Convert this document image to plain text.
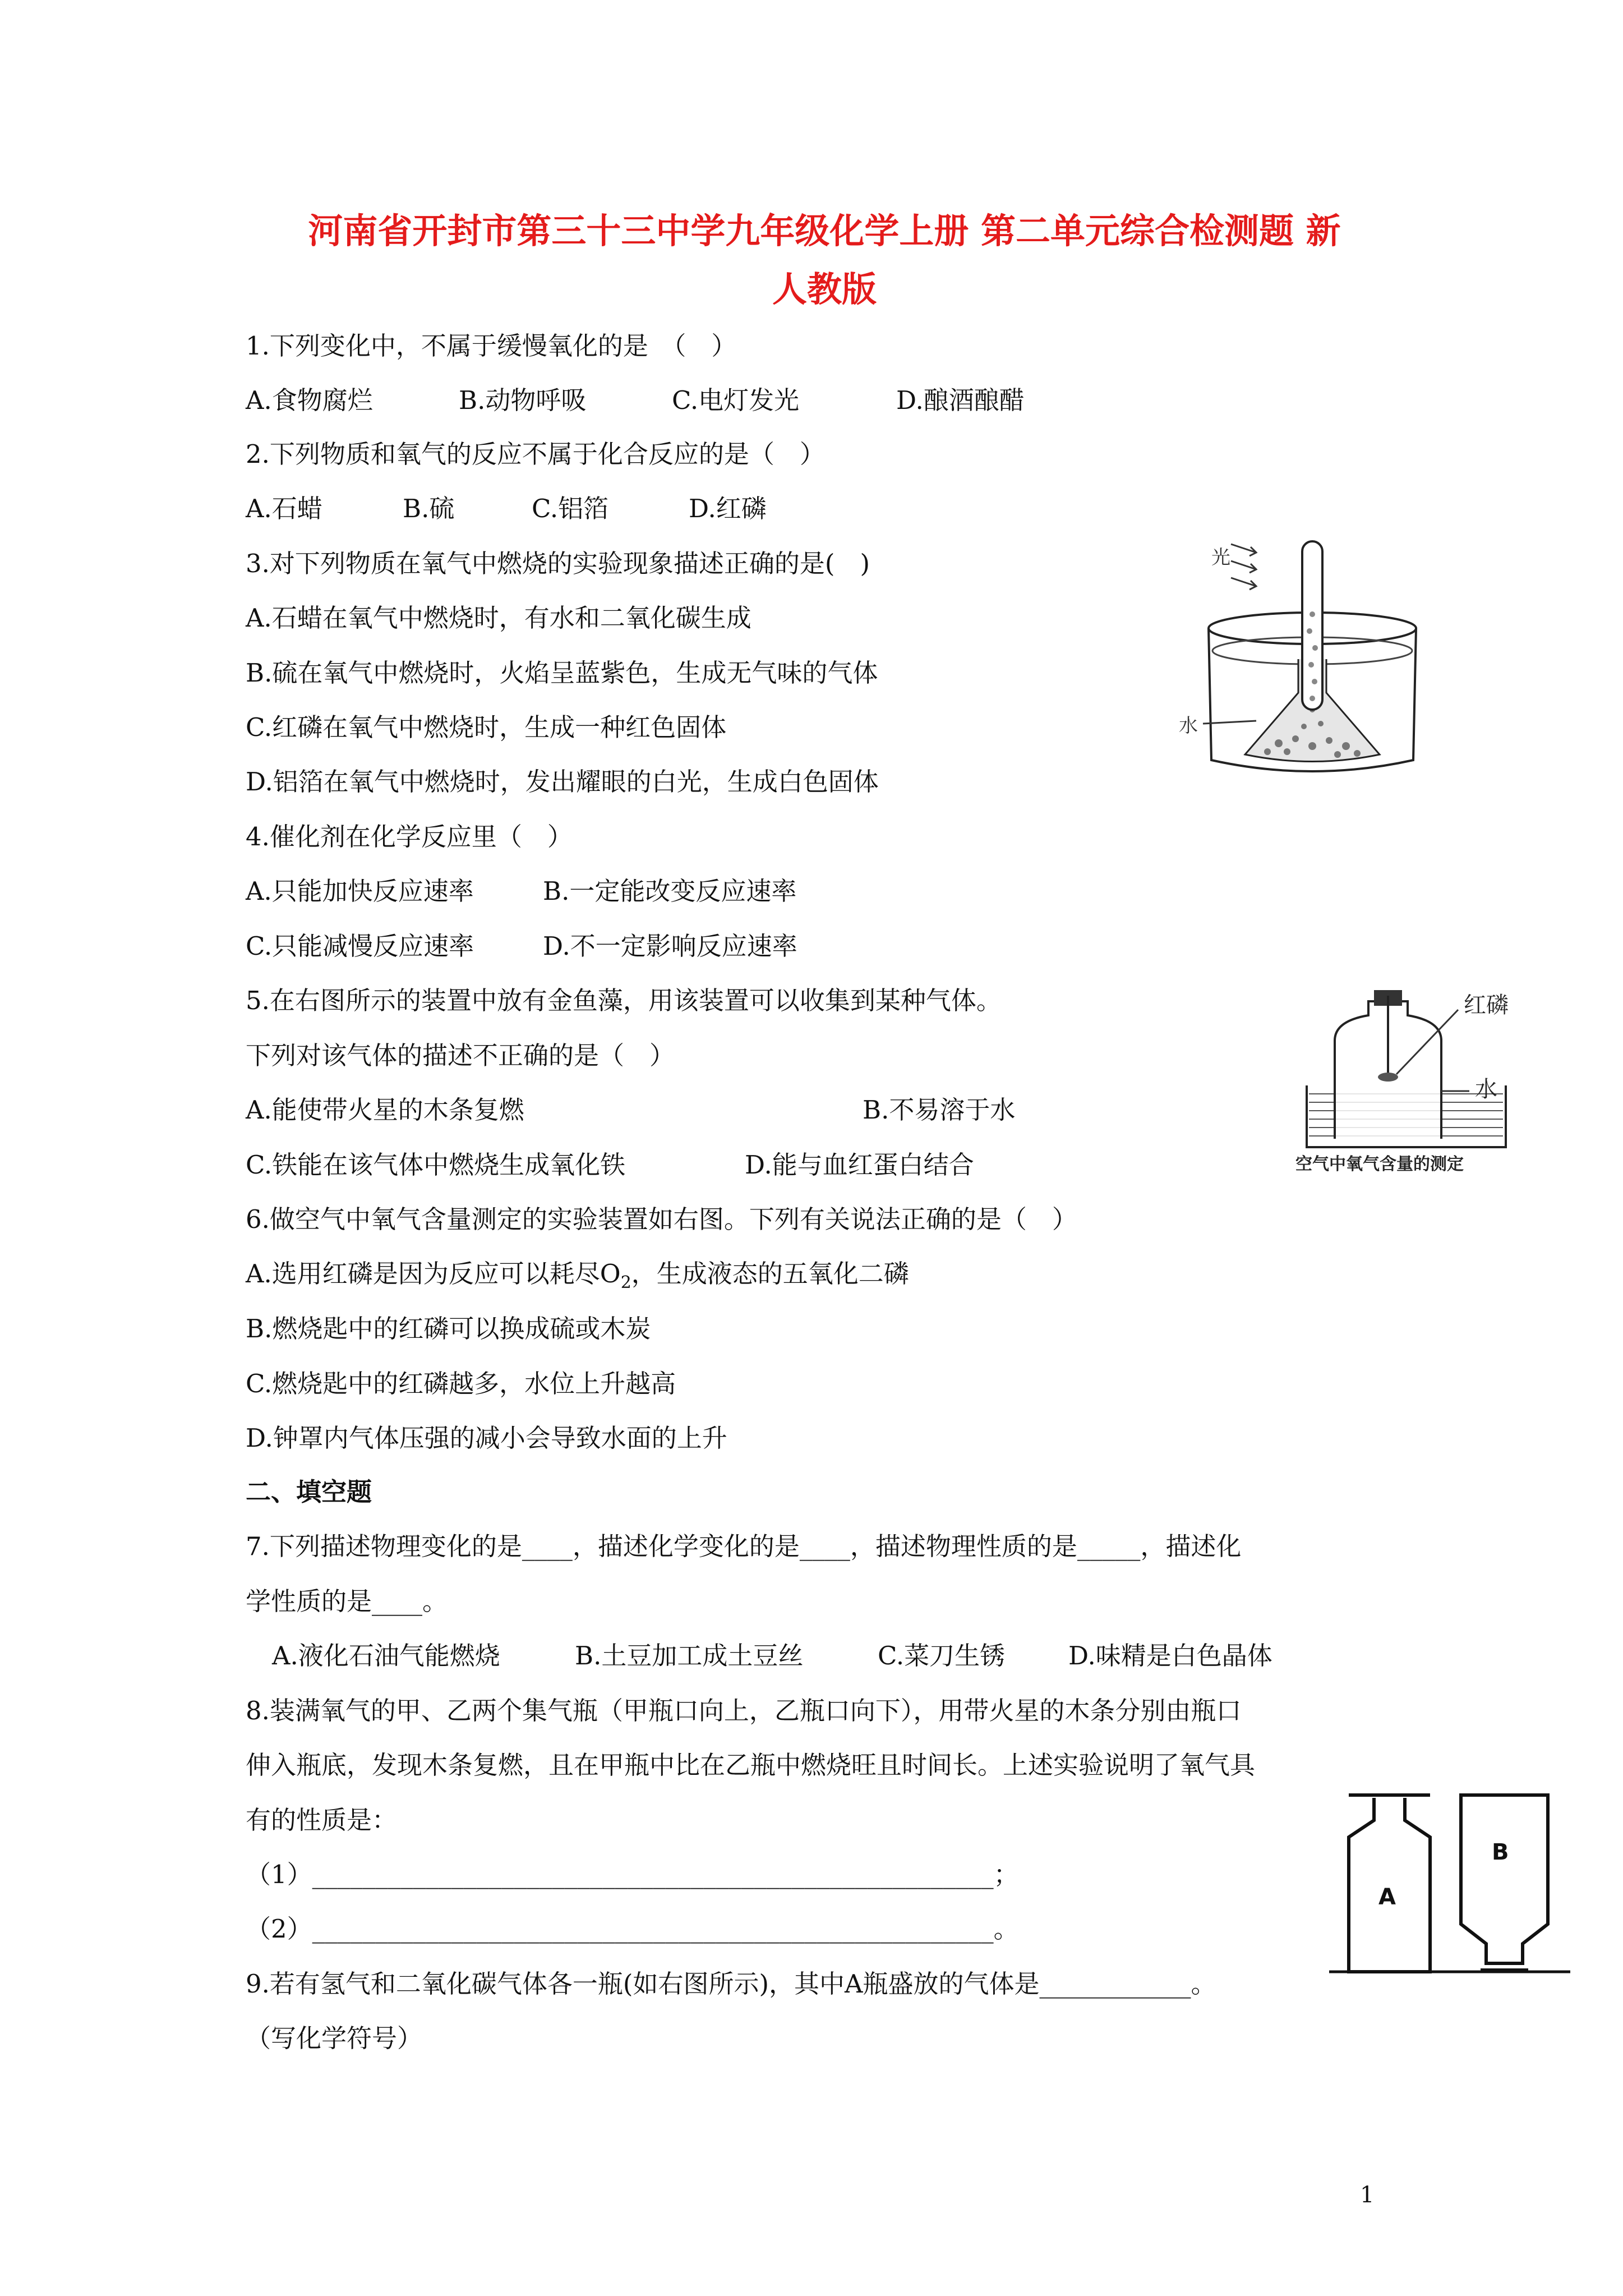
河南省开封市第三十三中学九年级化学上册 第二单元综合检测题 新
人教版
1.下列变化中，不属于缓慢氧化的是　（　）
A.食物腐烂	B.动物呼吸	C.电灯发光	D.酿酒酿醋
2.下列物质和氧气的反应不属于化合反应的是（　）
A.石蜡	B.硫	C.铝箔	D.红磷
3.对下列物质在氧气中燃烧的实验现象描述正确的是(　)
A.石蜡在氧气中燃烧时，有水和二氧化碳生成
B.硫在氧气中燃烧时，火焰呈蓝紫色，生成无气味的气体
C.红磷在氧气中燃烧时，生成一种红色固体
D.铝箔在氧气中燃烧时，发出耀眼的白光，生成白色固体
4.催化剂在化学反应里（　）
A.只能加快反应速率	B.一定能改变反应速率
C.只能减慢反应速率	D.不一定影响反应速率
5.在右图所示的装置中放有金鱼藻，用该装置可以收集到某种气体。
下列对该气体的描述不正确的是（　）
A.能使带火星的木条复燃	B.不易溶于水
C.铁能在该气体中燃烧生成氧化铁	D.能与血红蛋白结合
6.做空气中氧气含量测定的实验装置如右图。下列有关说法正确的是（　）
A.选用红磷是因为反应可以耗尽$O_2$，生成液态的五氧化二磷
B.燃烧匙中的红磷可以换成硫或木炭
C.燃烧匙中的红磷越多，水位上升越高
D.钟罩内气体压强的减小会导致水面的上升
二、填空题
7.下列描述物理变化的是____，描述化学变化的是____，描述物理性质的是_____，描述化
学性质的是____。
A.液化石油气能燃烧	B.土豆加工成土豆丝	C.菜刀生锈	D.味精是白色晶体
8.装满氧气的甲、乙两个集气瓶（甲瓶口向上，乙瓶口向下），用带火星的木条分别由瓶口
伸入瓶底，发现木条复燃，且在甲瓶中比在乙瓶中燃烧旺且时间长。上述实验说明了氧气具
有的性质是：
（1）______________________________________________________；
（2）______________________________________________________。
9.若有氢气和二氧化碳气体各一瓶(如右图所示)，其中A瓶盛放的气体是____________。
（写化学符号）
光
水
红磷
水
空气中氧气含量的测定
A
B
1
